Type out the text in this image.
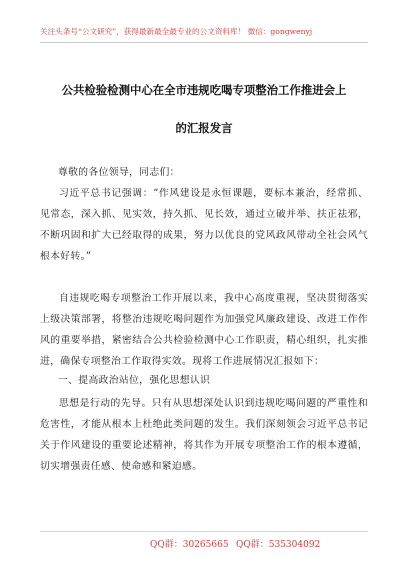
关注头条号“公文研究”，获得最新最全最专业的公文资料库！ 微信：gongwenyj
公共检验检测中心在全市违规吃喝专项整治工作推进会上
的汇报发言
尊敬的各位领导，同志们：
习近平总书记强调：“作风建设是永恒课题，要标本兼治，经常抓、见常态，深入抓、见实效，持久抓、见长效，通过立破并举、扶正祛邪，不断巩固和扩大已经取得的成果，努力以优良的党风政风带动全社会风气根本好转。”
自违规吃喝专项整治工作开展以来，我中心高度重视，坚决贯彻落实上级决策部署，将整治违规吃喝问题作为加强党风廉政建设、改进工作作风的重要举措，紧密结合公共检验检测中心工作职责，精心组织，扎实推进，确保专项整治工作取得实效。现将工作进展情况汇报如下：
一、提高政治站位，强化思想认识
思想是行动的先导。只有从思想深处认识到违规吃喝问题的严重性和危害性，才能从根本上杜绝此类问题的发生。我们深刻领会习近平总书记关于作风建设的重要论述精神，将其作为开展专项整治工作的根本遵循，切实增强责任感、使命感和紧迫感。
QQ群：30265665 QQ群：535304092
